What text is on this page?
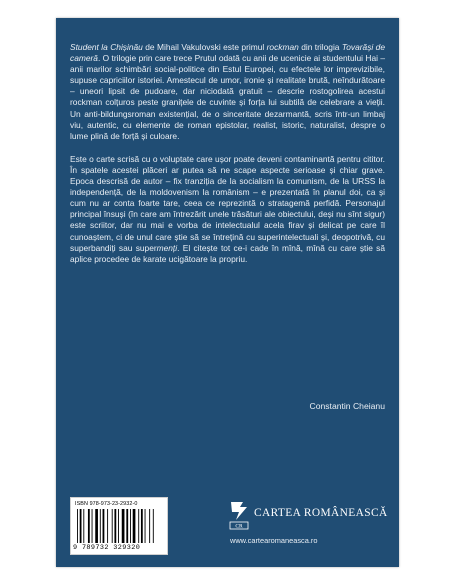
Student la Chișinău de Mihail Vakulovski este primul rockman din trilogia Tovarăși de cameră. O trilogie prin care trece Prutul odată cu anii de ucenicie ai studentului Hai – anii marilor schimbări social-politice din Estul Europei, cu efectele lor imprevizibile, supuse capriciilor istoriei. Amestecul de umor, ironie și realitate brută, neîndurătoare – uneori lipsit de pudoare, dar niciodată gratuit – descrie rostogolirea acestui rockman colțuros peste granițele de cuvinte și forța lui subtilă de celebrare a vieții. Un anti-bildungsroman existențial, de o sinceritate dezarmantă, scris într-un limbaj viu, autentic, cu elemente de roman epistolar, realist, istoric, naturalist, despre o lume plină de forță și culoare.

Este o carte scrisă cu o voluptate care ușor poate deveni contaminantă pentru cititor. În spatele acestei plăceri ar putea să ne scape aspecte serioase și chiar grave. Epoca descrisă de autor – fix tranziția de la socialism la comunism, de la URSS la independență, de la moldovenism la românism – e prezentată în planul doi, ca și cum nu ar conta foarte tare, ceea ce reprezintă o stratagemă perfidă. Personajul principal însuși (în care am întrezărit unele trăsături ale obiectului, deși nu sînt sigur) este scriitor, dar nu mai e vorba de intelectualul acela firav și delicat pe care îl cunoaștem, ci de unul care știe să se întrețină cu superintelectuali și, deopotrivă, cu superbandiți sau supermenți. El citește tot ce-i cade în mînă, mînă cu care știe să aplice procedee de karate ucigătoare la propriu.

Constantin Cheianu
ISBN 978-973-23-2932-0
9 789732 329320
CR
CARTEA ROMÂNEASCĂ
www.cartearomaneasca.ro
